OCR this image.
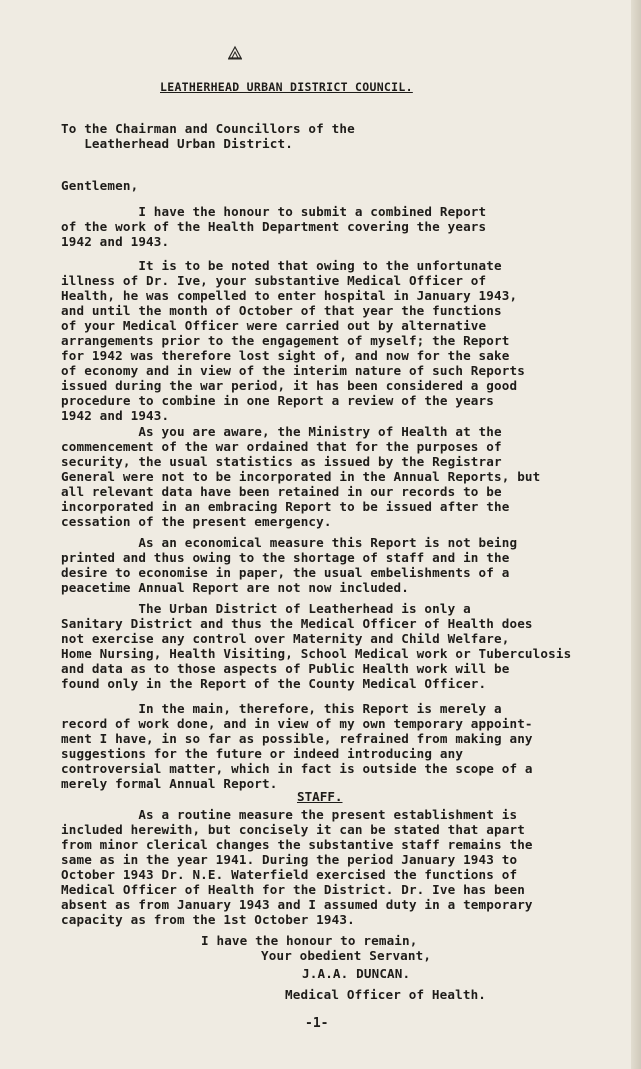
LEATHERHEAD URBAN DISTRICT COUNCIL.
To the Chairman and Councillors of the
Leatherhead Urban District.
Gentlemen,
I have the honour to submit a combined Report
of the work of the Health Department covering the years
1942 and 1943.
It is to be noted that owing to the unfortunate
illness of Dr. Ive, your substantive Medical Officer of
Health, he was compelled to enter hospital in January 1943,
and until the month of October of that year the functions
of your Medical Officer were carried out by alternative
arrangements prior to the engagement of myself; the Report
for 1942 was therefore lost sight of, and now for the sake
of economy and in view of the interim nature of such Reports
issued during the war period, it has been considered a good
procedure to combine in one Report a review of the years
1942 and 1943.
As you are aware, the Ministry of Health at the
commencement of the war ordained that for the purposes of
security, the usual statistics as issued by the Registrar
General were not to be incorporated in the Annual Reports, but
all relevant data have been retained in our records to be
incorporated in an embracing Report to be issued after the
cessation of the present emergency.
As an economical measure this Report is not being
printed and thus owing to the shortage of staff and in the
desire to economise in paper, the usual embelishments of a
peacetime Annual Report are not now included.
The Urban District of Leatherhead is only a
Sanitary District and thus the Medical Officer of Health does
not exercise any control over Maternity and Child Welfare,
Home Nursing, Health Visiting, School Medical work or Tuberculosis
and data as to those aspects of Public Health work will be
found only in the Report of the County Medical Officer.
In the main, therefore, this Report is merely a
record of work done, and in view of my own temporary appoint-
ment I have, in so far as possible, refrained from making any
suggestions for the future or indeed introducing any
controversial matter, which in fact is outside the scope of a
merely formal Annual Report.
STAFF.
As a routine measure the present establishment is
included herewith, but concisely it can be stated that apart
from minor clerical changes the substantive staff remains the
same as in the year 1941. During the period January 1943 to
October 1943 Dr. N.E. Waterfield exercised the functions of
Medical Officer of Health for the District. Dr. Ive has been
absent as from January 1943 and I assumed duty in a temporary
capacity as from the 1st October 1943.
I have the honour to remain,
Your obedient Servant,
J.A.A. DUNCAN.
Medical Officer of Health.
-1-
